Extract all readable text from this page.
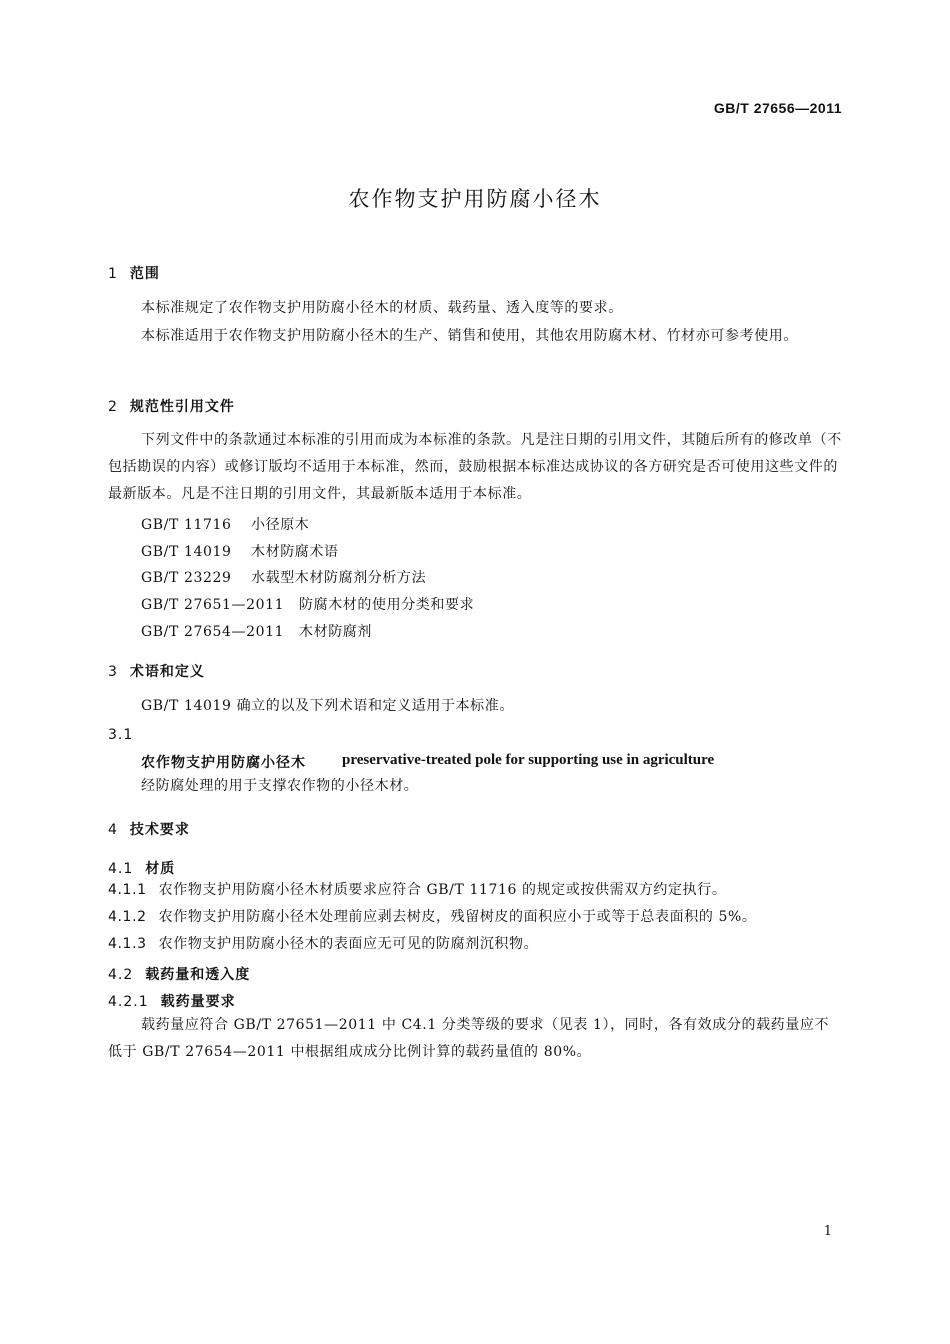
GB/T 27656—2011
农作物支护用防腐小径木
1 范围
本标准规定了农作物支护用防腐小径木的材质、载药量、透入度等的要求。
本标准适用于农作物支护用防腐小径木的生产、销售和使用，其他农用防腐木材、竹材亦可参考使用。
2 规范性引用文件
下列文件中的条款通过本标准的引用而成为本标准的条款。凡是注日期的引用文件，其随后所有的修改单（不包括勘误的内容）或修订版均不适用于本标准，然而，鼓励根据本标准达成协议的各方研究是否可使用这些文件的最新版本。凡是不注日期的引用文件，其最新版本适用于本标准。
GB/T 11716 小径原木
GB/T 14019 木材防腐术语
GB/T 23229 水载型木材防腐剂分析方法
GB/T 27651—2011 防腐木材的使用分类和要求
GB/T 27654—2011 木材防腐剂
3 术语和定义
GB/T 14019 确立的以及下列术语和定义适用于本标准。
3.1
农作物支护用防腐小径木 preservative-treated pole for supporting use in agriculture
经防腐处理的用于支撑农作物的小径木材。
4 技术要求
4.1 材质
4.1.1 农作物支护用防腐小径木材质要求应符合 GB/T 11716 的规定或按供需双方约定执行。
4.1.2 农作物支护用防腐小径木处理前应剥去树皮，残留树皮的面积应小于或等于总表面积的 5%。
4.1.3 农作物支护用防腐小径木的表面应无可见的防腐剂沉积物。
4.2 载药量和透入度
4.2.1 载药量要求
载药量应符合 GB/T 27651—2011 中 C4.1 分类等级的要求（见表 1），同时，各有效成分的载药量应不低于 GB/T 27654—2011 中根据组成成分比例计算的载药量值的 80%。
1
